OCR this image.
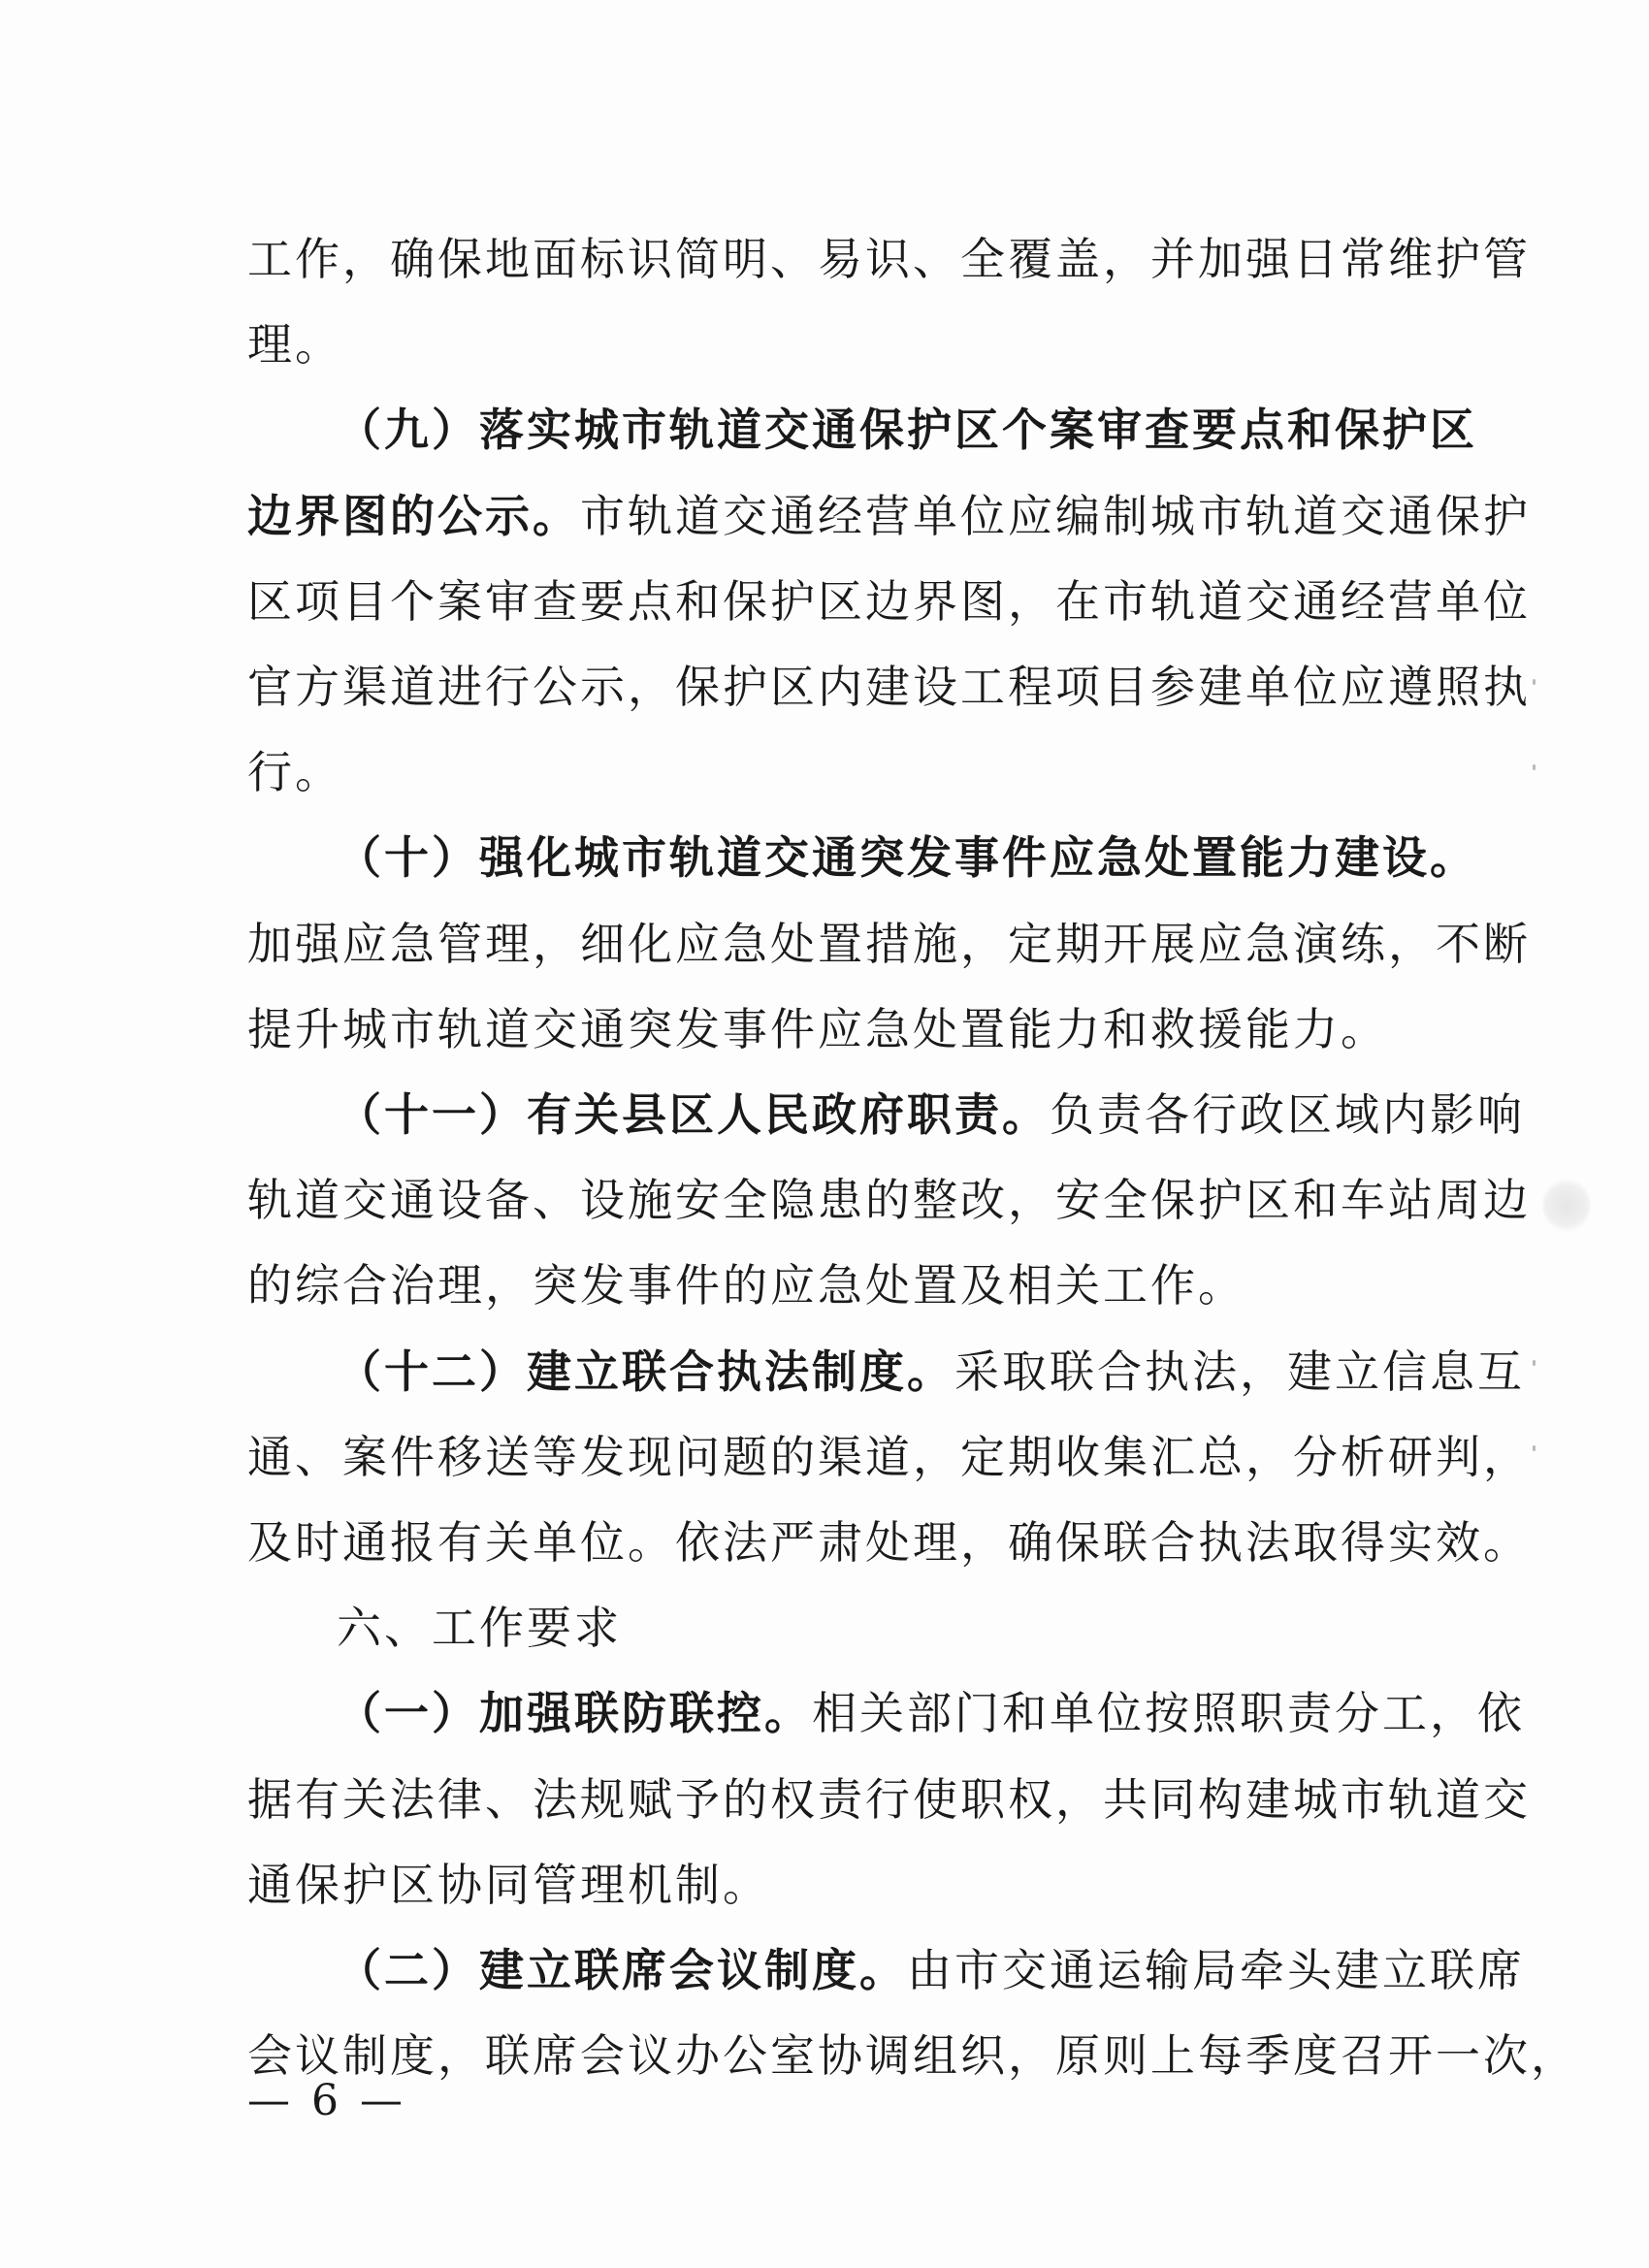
工作，确保地面标识简明、易识、全覆盖，并加强日常维护管
理。
（九）落实城市轨道交通保护区个案审查要点和保护区
边界图的公示。市轨道交通经营单位应编制城市轨道交通保护
区项目个案审查要点和保护区边界图，在市轨道交通经营单位
官方渠道进行公示，保护区内建设工程项目参建单位应遵照执
行。
（十）强化城市轨道交通突发事件应急处置能力建设。
加强应急管理，细化应急处置措施，定期开展应急演练，不断
提升城市轨道交通突发事件应急处置能力和救援能力。
（十一）有关县区人民政府职责。负责各行政区域内影响
轨道交通设备、设施安全隐患的整改，安全保护区和车站周边
的综合治理，突发事件的应急处置及相关工作。
（十二）建立联合执法制度。采取联合执法，建立信息互
通、案件移送等发现问题的渠道，定期收集汇总，分析研判，
及时通报有关单位。依法严肃处理，确保联合执法取得实效。
六、工作要求
（一）加强联防联控。相关部门和单位按照职责分工，依
据有关法律、法规赋予的权责行使职权，共同构建城市轨道交
通保护区协同管理机制。
（二）建立联席会议制度。由市交通运输局牵头建立联席
会议制度，联席会议办公室协调组织，原则上每季度召开一次，
— 6 —
